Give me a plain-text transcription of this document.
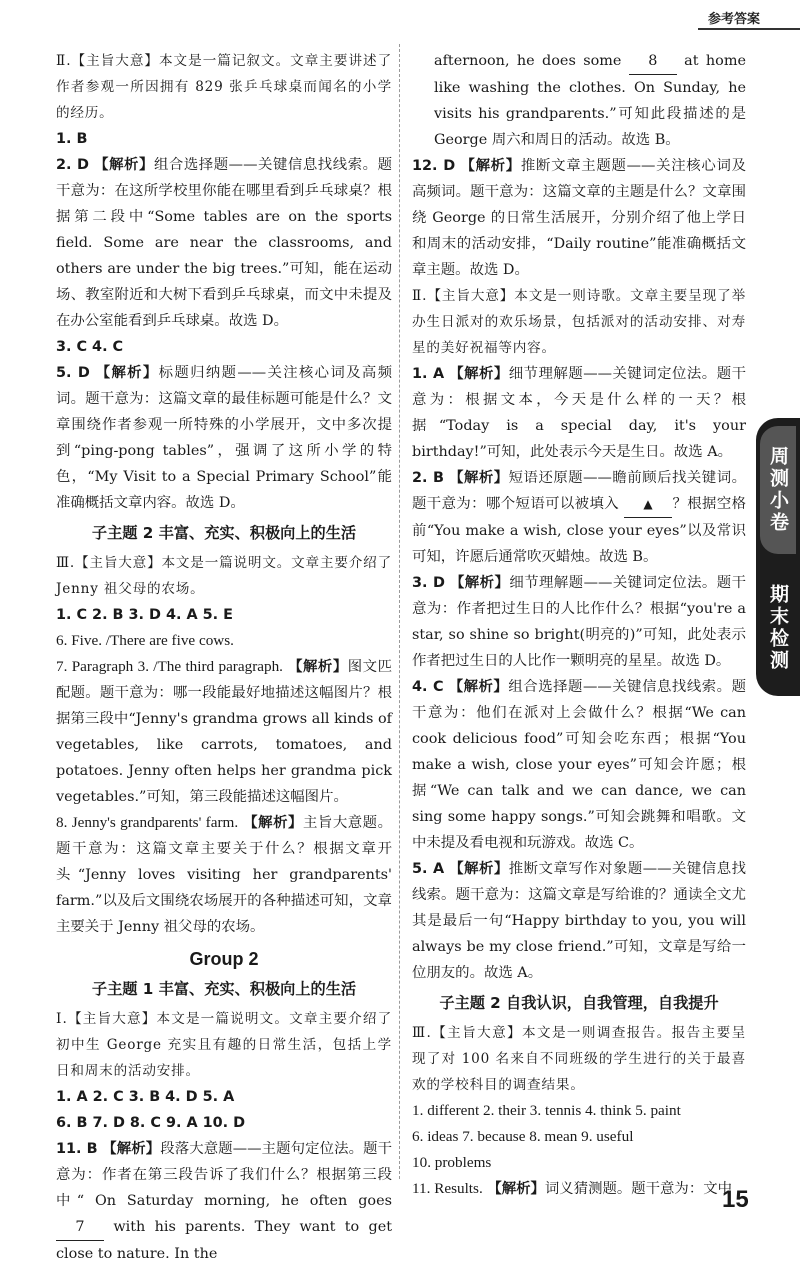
参考答案

Ⅱ.【主旨大意】本文是一篇记叙文。文章主要讲述了作者参观一所因拥有 829 张乒乓球桌而闻名的小学的经历。

1. B

2. D 【解析】组合选择题——关键信息找线索。题干意为：在这所学校里你能在哪里看到乒乓球桌？根据第二段中“Some tables are on the sports field. Some are near the classrooms, and others are under the big trees.”可知，能在运动场、教室附近和大树下看到乒乓球桌，而文中未提及在办公室能看到乒乓球桌。故选 D。

3. C 4. C

5. D 【解析】标题归纳题——关注核心词及高频词。题干意为：这篇文章的最佳标题可能是什么？文章围绕作者参观一所特殊的小学展开，文中多次提到“ping-pong tables”，强调了这所小学的特色，“My Visit to a Special Primary School”能准确概括文章内容。故选 D。

子主题 2 丰富、充实、积极向上的生活

Ⅲ.【主旨大意】本文是一篇说明文。文章主要介绍了 Jenny 祖父母的农场。

1. C 2. B 3. D 4. A 5. E

6. Five. /There are five cows.

7. Paragraph 3. /The third paragraph. 【解析】图文匹配题。题干意为：哪一段能最好地描述这幅图片？根据第三段中“Jenny's grandma grows all kinds of vegetables, like carrots, tomatoes, and potatoes. Jenny often helps her grandma pick vegetables.”可知，第三段能描述这幅图片。

8. Jenny's grandparents' farm. 【解析】主旨大意题。题干意为：这篇文章主要关于什么？根据文章开头“Jenny loves visiting her grandparents' farm.”以及后文围绕农场展开的各种描述可知，文章主要关于 Jenny 祖父母的农场。

Group 2

子主题 1 丰富、充实、积极向上的生活

Ⅰ.【主旨大意】本文是一篇说明文。文章主要介绍了初中生 George 充实且有趣的日常生活，包括上学日和周末的活动安排。

1. A 2. C 3. B 4. D 5. A

6. B 7. D 8. C 9. A 10. D

11. B 【解析】段落大意题——主题句定位法。题干意为：作者在第三段告诉了我们什么？根据第三段中“ On Saturday morning, he often goes 7 with his parents. They want to get close to nature. In the

afternoon, he does some 8 at home like washing the clothes. On Sunday, he visits his grandparents.”可知此段描述的是 George 周六和周日的活动。故选 B。

12. D 【解析】推断文章主题题——关注核心词及高频词。题干意为：这篇文章的主题是什么？文章围绕 George 的日常生活展开，分别介绍了他上学日和周末的活动安排，“Daily routine”能准确概括文章主题。故选 D。

Ⅱ.【主旨大意】本文是一则诗歌。文章主要呈现了举办生日派对的欢乐场景，包括派对的活动安排、对寿星的美好祝福等内容。

1. A 【解析】细节理解题——关键词定位法。题干意为：根据文本，今天是什么样的一天？根据“Today is a special day, it's your birthday!”可知，此处表示今天是生日。故选 A。

2. B 【解析】短语还原题——瞻前顾后找关键词。题干意为：哪个短语可以被填入 ▲ ？根据空格前“You make a wish, close your eyes”以及常识可知，许愿后通常吹灭蜡烛。故选 B。

3. D 【解析】细节理解题——关键词定位法。题干意为：作者把过生日的人比作什么？根据“you're a star, so shine so bright(明亮的)”可知，此处表示作者把过生日的人比作一颗明亮的星星。故选 D。

4. C 【解析】组合选择题——关键信息找线索。题干意为：他们在派对上会做什么？根据“We can cook delicious food”可知会吃东西；根据“You make a wish, close your eyes”可知会许愿；根据“We can talk and we can dance, we can sing some happy songs.”可知会跳舞和唱歌。文中未提及看电视和玩游戏。故选 C。

5. A 【解析】推断文章写作对象题——关键信息找线索。题干意为：这篇文章是写给谁的？通读全文尤其是最后一句“Happy birthday to you, you will always be my close friend.”可知，文章是写给一位朋友的。故选 A。

子主题 2 自我认识，自我管理，自我提升

Ⅲ.【主旨大意】本文是一则调查报告。报告主要呈现了对 100 名来自不同班级的学生进行的关于最喜欢的学校科目的调查结果。

1. different 2. their 3. tennis 4. think 5. paint

6. ideas 7. because 8. mean 9. useful

10. problems

11. Results. 【解析】词义猜测题。题干意为：文中

周测小卷
期末检测
15
